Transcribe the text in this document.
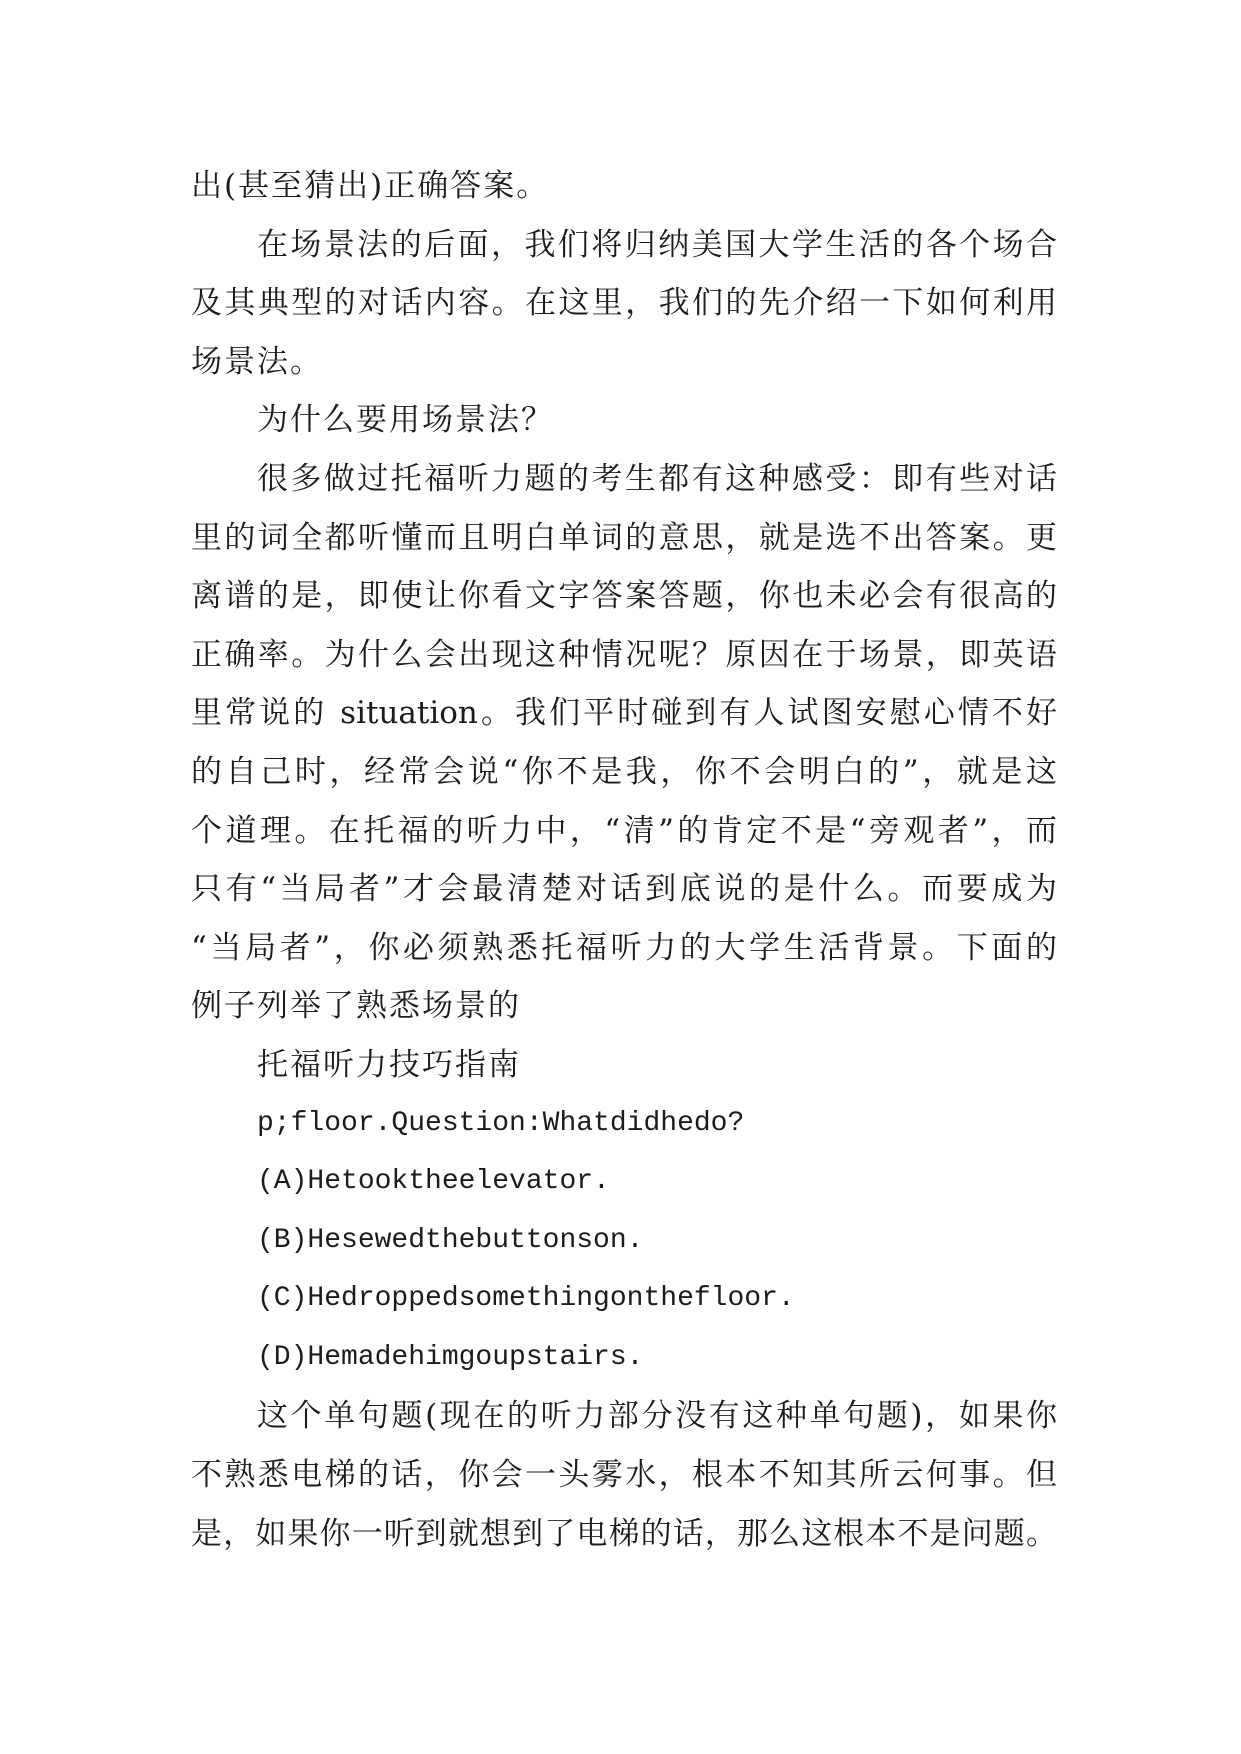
出(甚至猜出)正确答案。
在场景法的后面，我们将归纳美国大学生活的各个场合
及其典型的对话内容。在这里，我们的先介绍一下如何利用
场景法。
为什么要用场景法？
很多做过托福听力题的考生都有这种感受：即有些对话
里的词全都听懂而且明白单词的意思，就是选不出答案。更
离谱的是，即使让你看文字答案答题，你也未必会有很高的
正确率。为什么会出现这种情况呢？原因在于场景，即英语
里常说的 situation。我们平时碰到有人试图安慰心情不好
的自己时，经常会说“你不是我，你不会明白的”，就是这
个道理。在托福的听力中，“清”的肯定不是“旁观者”，而
只有“当局者”才会最清楚对话到底说的是什么。而要成为
“当局者”，你必须熟悉托福听力的大学生活背景。下面的
例子列举了熟悉场景的
托福听力技巧指南
p;floor.Question:Whatdidhedo?
(A)Hetooktheelevator.
(B)Hesewedthebuttonson.
(C)Hedroppedsomethingonthefloor.
(D)Hemadehimgoupstairs.
这个单句题(现在的听力部分没有这种单句题)，如果你
不熟悉电梯的话，你会一头雾水，根本不知其所云何事。但
是，如果你一听到就想到了电梯的话，那么这根本不是问题。
